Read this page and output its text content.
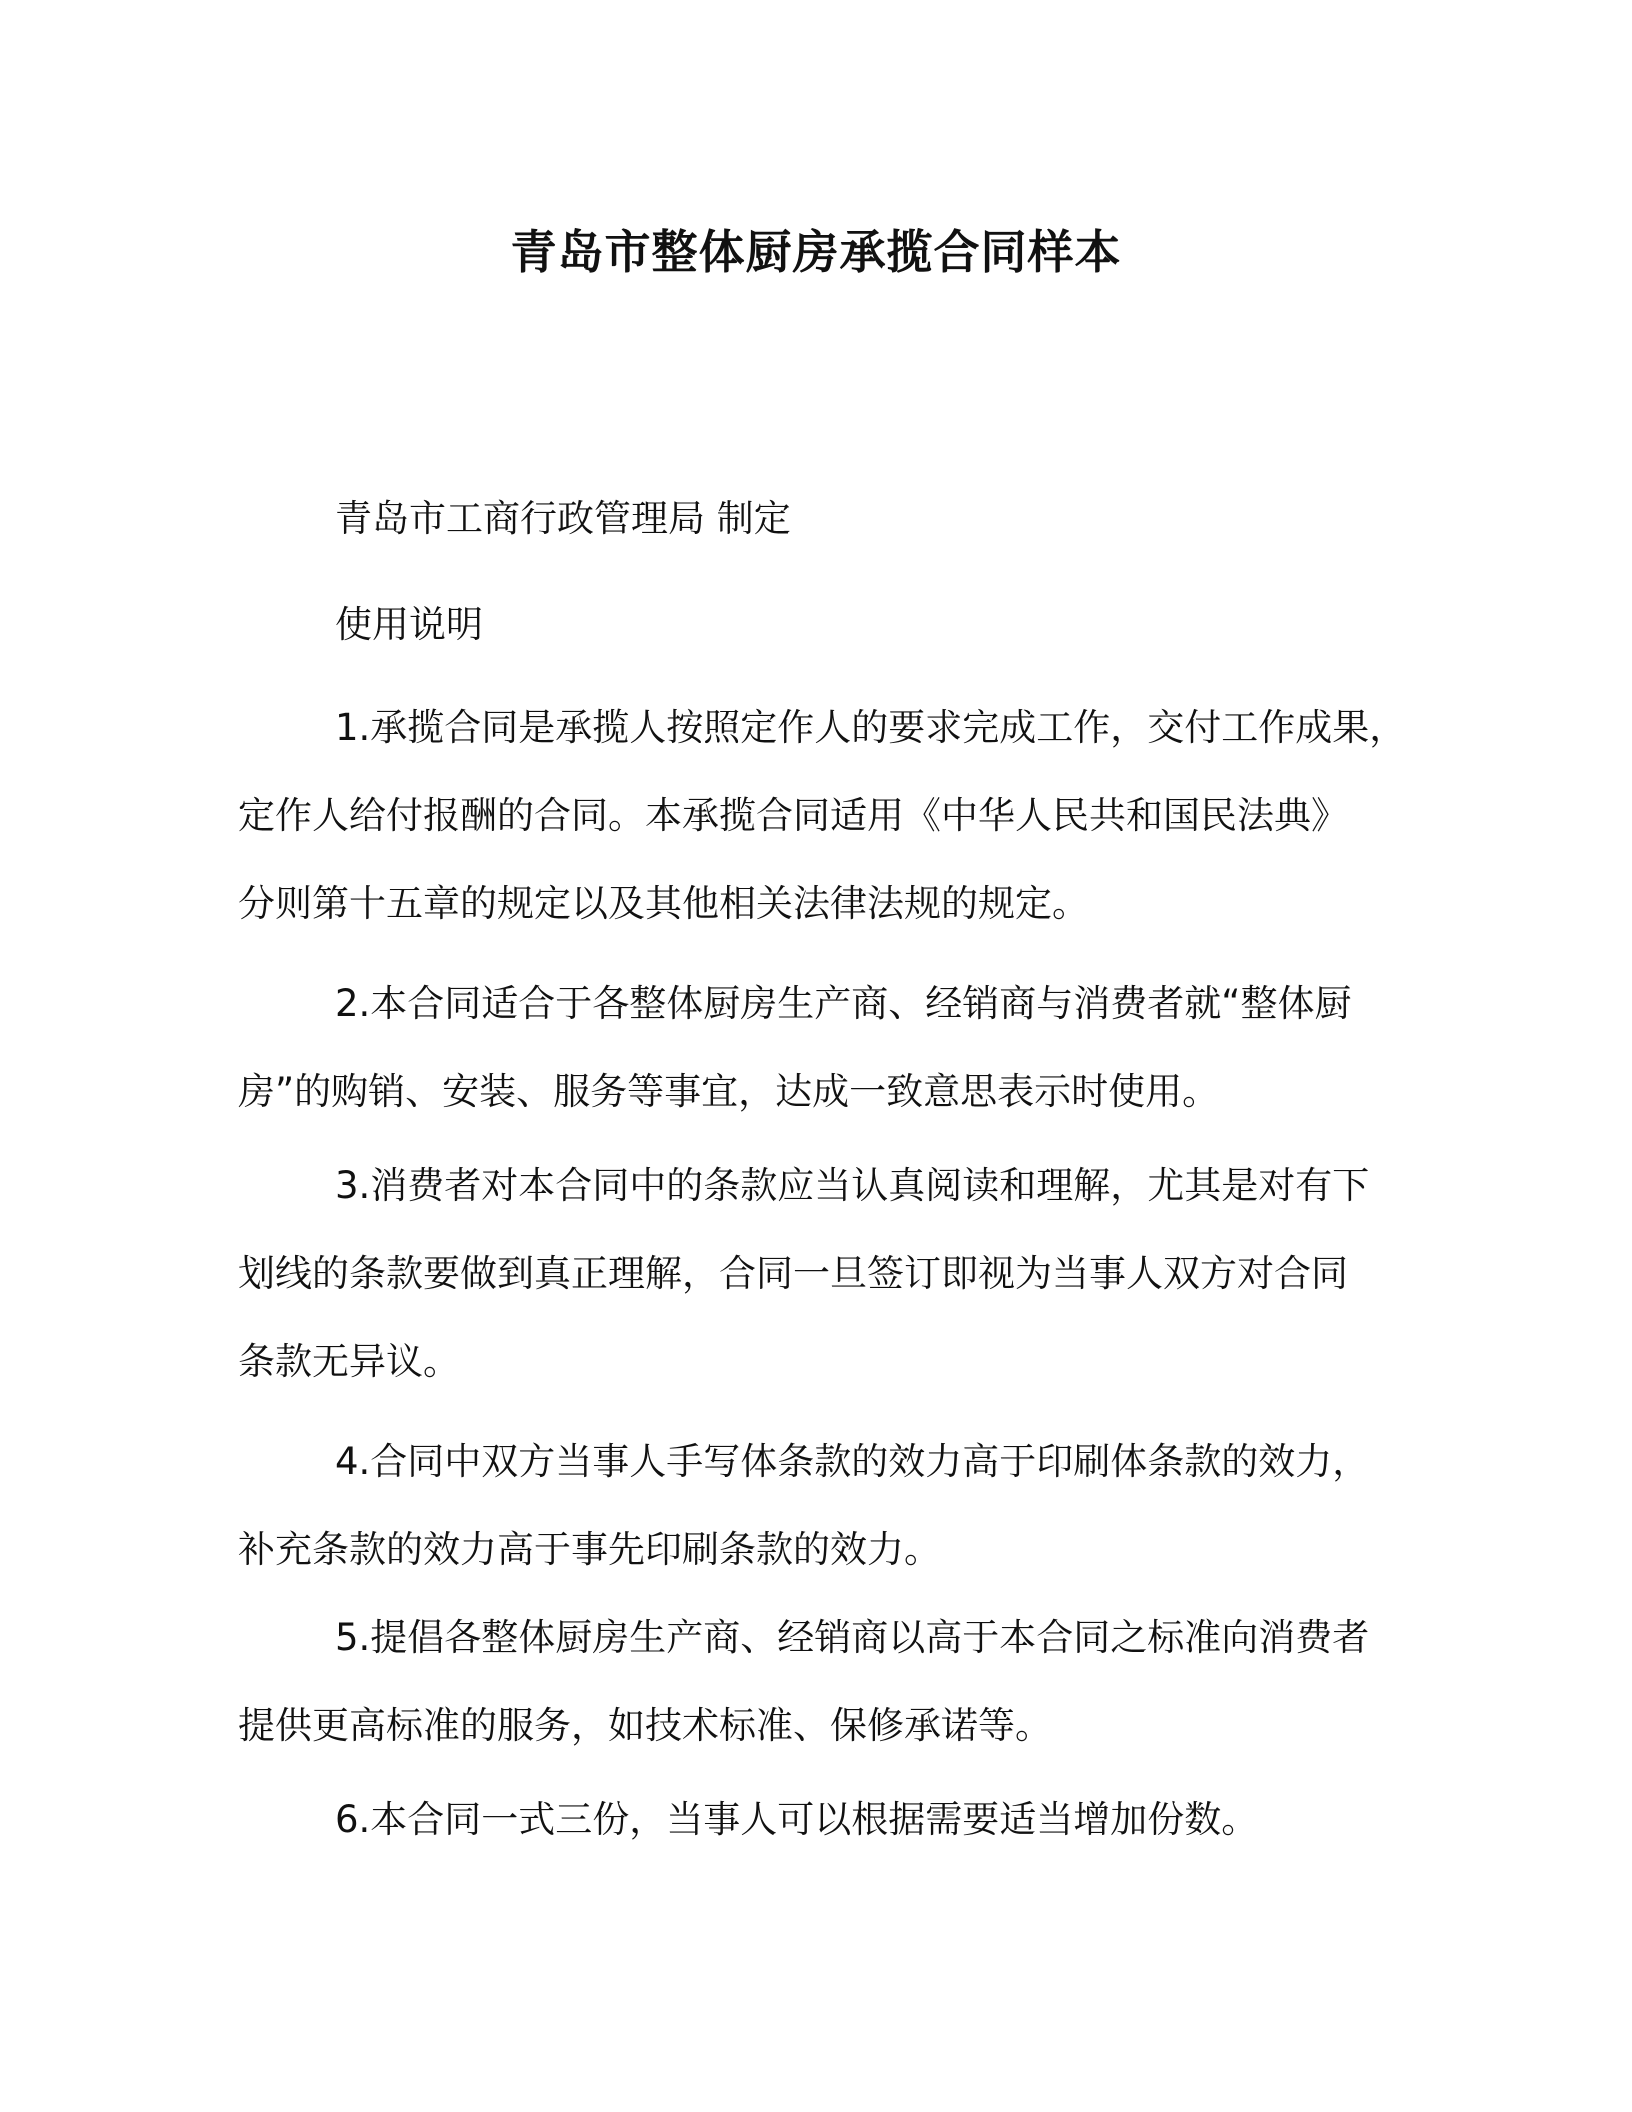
青岛市整体厨房承揽合同样本
青岛市工商行政管理局 制定
使用说明
1.承揽合同是承揽人按照定作人的要求完成工作，交付工作成果，
定作人给付报酬的合同。本承揽合同适用《中华人民共和国民法典》
分则第十五章的规定以及其他相关法律法规的规定。
2.本合同适合于各整体厨房生产商、经销商与消费者就“整体厨
房”的购销、安装、服务等事宜，达成一致意思表示时使用。
3.消费者对本合同中的条款应当认真阅读和理解，尤其是对有下
划线的条款要做到真正理解，合同一旦签订即视为当事人双方对合同
条款无异议。
4.合同中双方当事人手写体条款的效力高于印刷体条款的效力，
补充条款的效力高于事先印刷条款的效力。
5.提倡各整体厨房生产商、经销商以高于本合同之标准向消费者
提供更高标准的服务，如技术标准、保修承诺等。
6.本合同一式三份，当事人可以根据需要适当增加份数。
